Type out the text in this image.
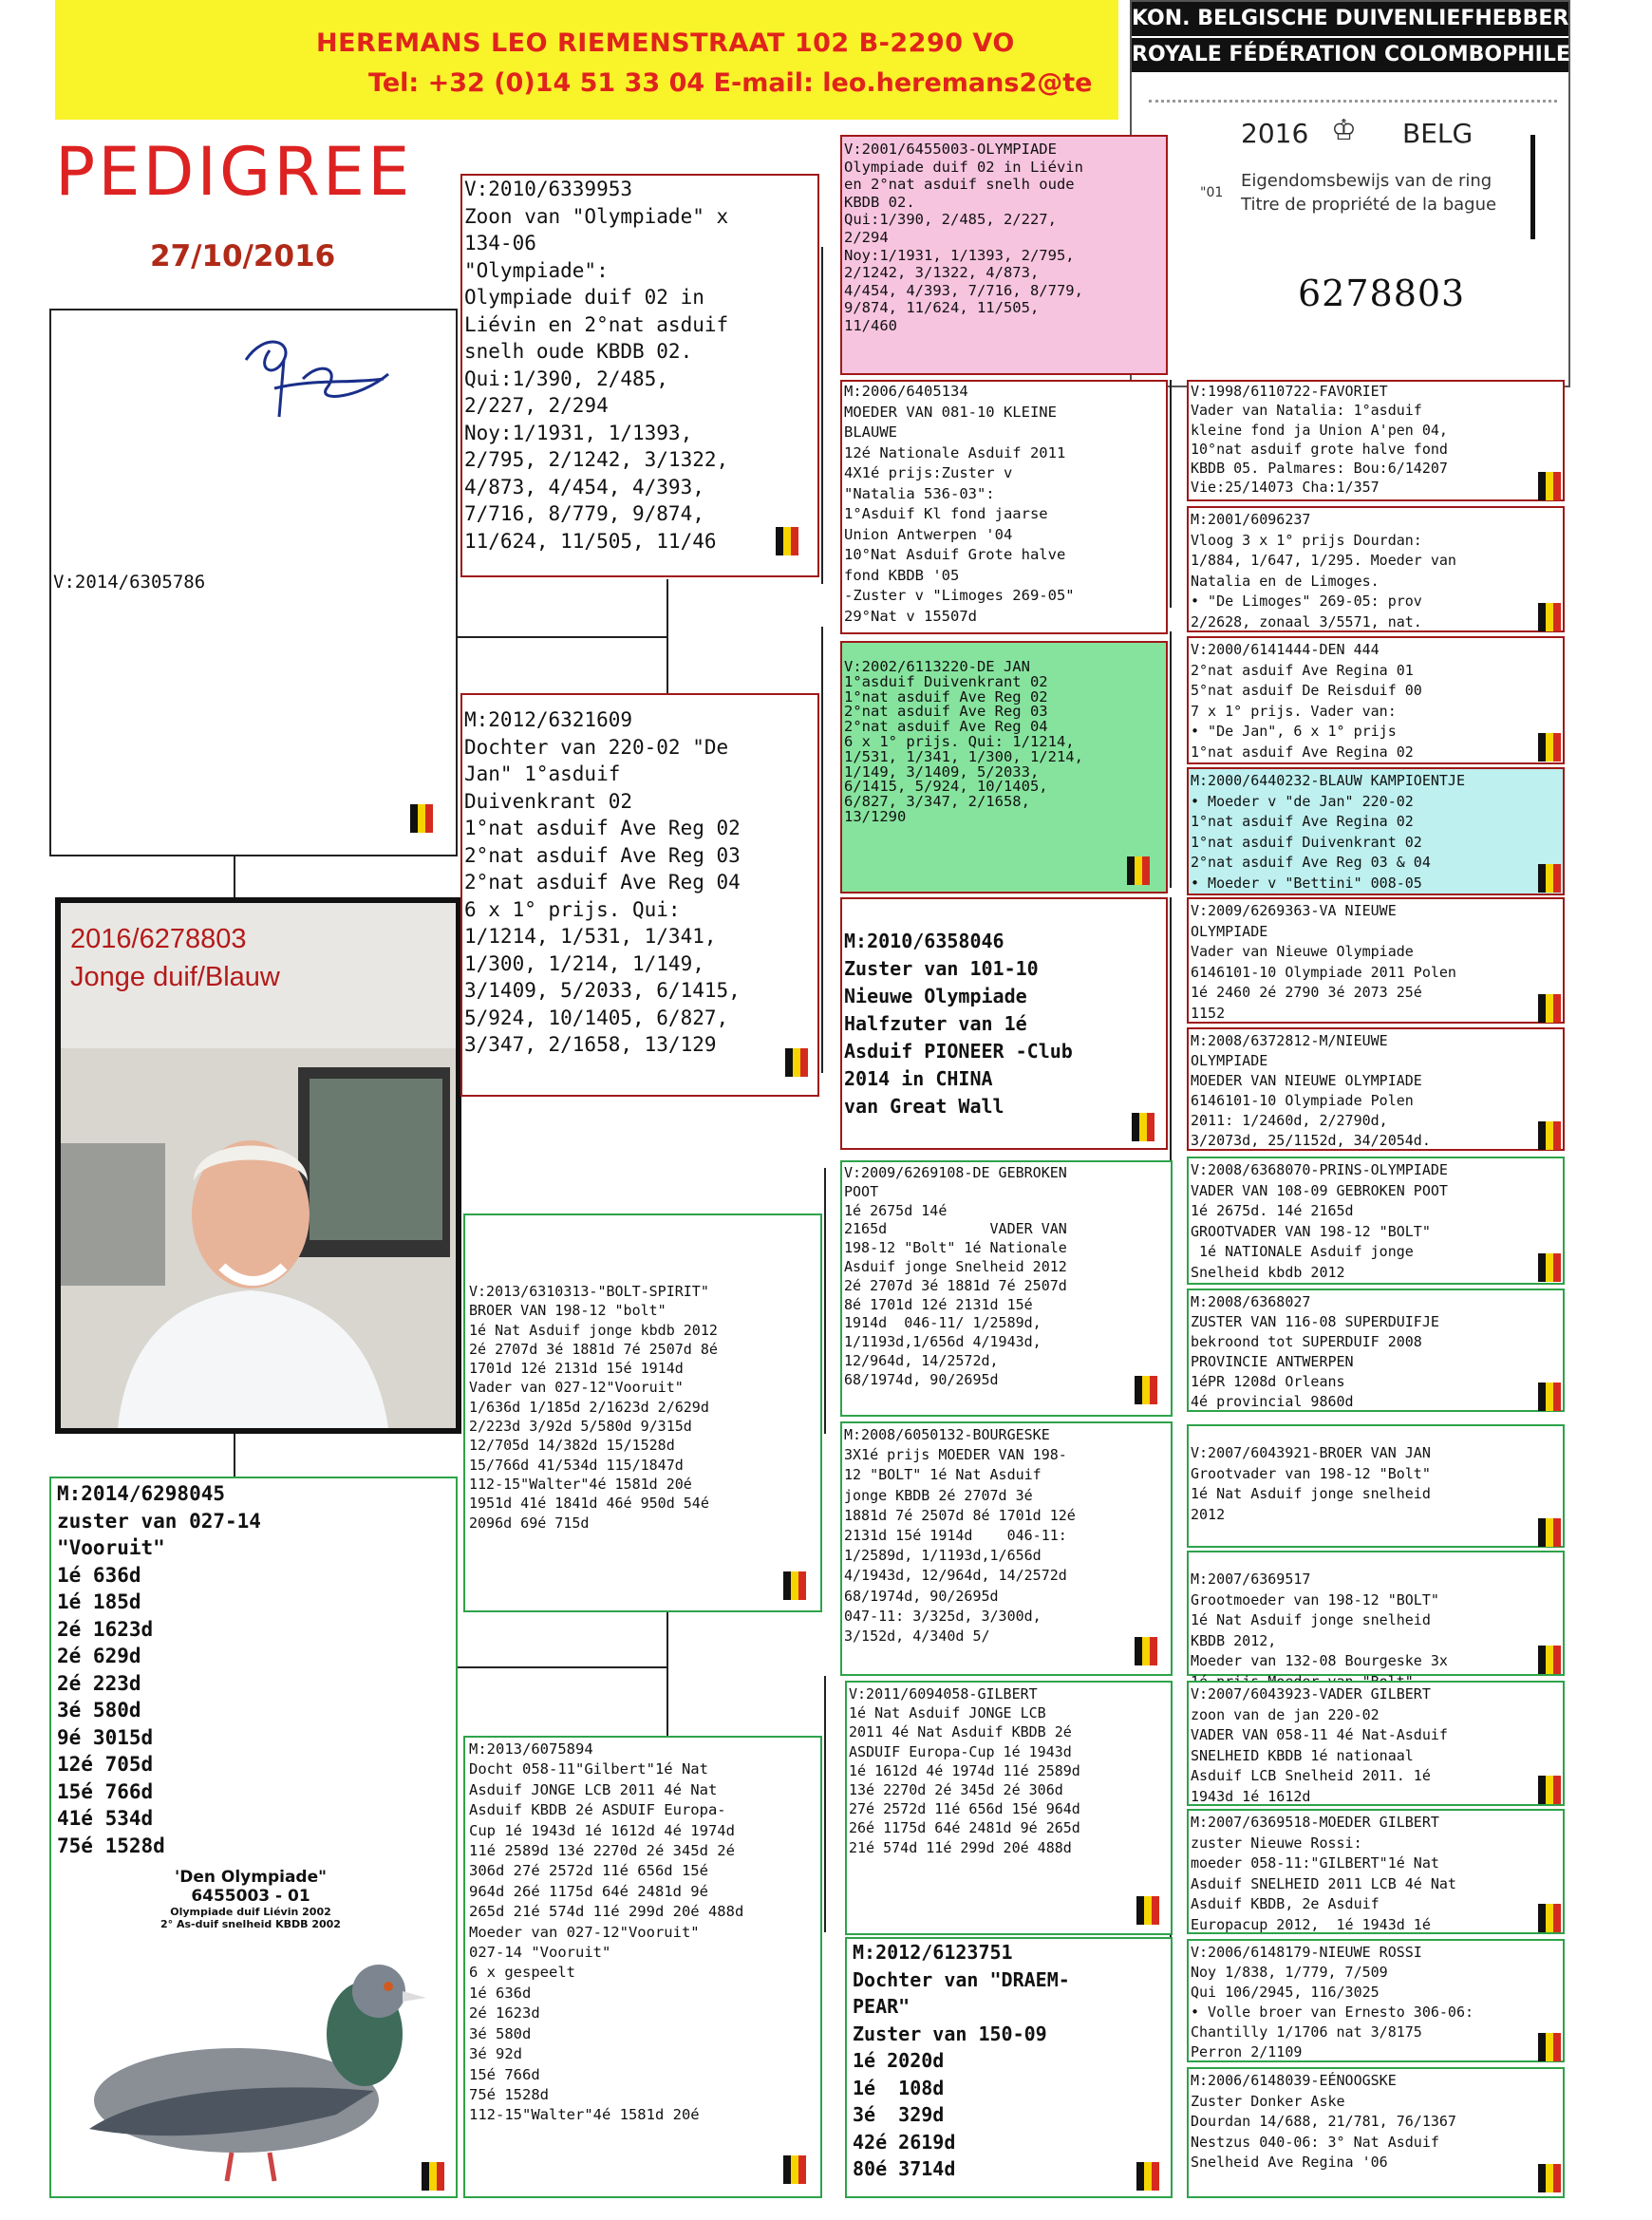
HEREMANS LEO RIEMENSTRAAT 102 B-2290 VO
Tel: +32 (0)14 51 33 04 E-mail: leo.heremans2@te
KON. BELGISCHE DUIVENLIEFHEBBERSBOND
ROYALE FÉDÉRATION COLOMBOPHILE BELGE
2016 ♔ BELG
"01
Eigendomsbewijs van de ring
Titre de propriété de la bague
6278803
PEDIGREE
27/10/2016
V:2014/6305786
2016/6278803
Jonge duif/Blauw
M:2014/6298045
zuster van 027-14
"Vooruit"
1é 636d
1é 185d
2é 1623d
2é 629d
2é 223d
3é 580d
9é 3015d
12é 705d
15é 766d
41é 534d
75é 1528d
'Den Olympiade"
6455003 - 01
Olympiade duif Liévin 2002
2° As-duif snelheid KBDB 2002
V:2010/6339953
Zoon van "Olympiade" x
134-06
"Olympiade":
Olympiade duif 02 in
Liévin en 2°nat asduif
snelh oude KBDB 02.
Qui:1/390, 2/485,
2/227, 2/294
Noy:1/1931, 1/1393,
2/795, 2/1242, 3/1322,
4/873, 4/454, 4/393,
7/716, 8/779, 9/874,
11/624, 11/505, 11/46
M:2012/6321609
Dochter van 220-02 "De
Jan" 1°asduif
Duivenkrant 02
1°nat asduif Ave Reg 02
2°nat asduif Ave Reg 03
2°nat asduif Ave Reg 04
6 x 1° prijs. Qui:
1/1214, 1/531, 1/341,
1/300, 1/214, 1/149,
3/1409, 5/2033, 6/1415,
5/924, 10/1405, 6/827,
3/347, 2/1658, 13/129
V:2013/6310313-"BOLT-SPIRIT"
BROER VAN 198-12 "bolt"
1é Nat Asduif jonge kbdb 2012
2é 2707d 3é 1881d 7é 2507d 8é
1701d 12é 2131d 15é 1914d
Vader van 027-12"Vooruit"
1/636d 1/185d 2/1623d 2/629d
2/223d 3/92d 5/580d 9/315d
12/705d 14/382d 15/1528d
15/766d 41/534d 115/1847d
112-15"Walter"4é 1581d 20é
1951d 41é 1841d 46é 950d 54é
2096d 69é 715d
M:2013/6075894
Docht 058-11"Gilbert"1é Nat
Asduif JONGE LCB 2011 4é Nat
Asduif KBDB 2é ASDUIF Europa-
Cup 1é 1943d 1é 1612d 4é 1974d
11é 2589d 13é 2270d 2é 345d 2é
306d 27é 2572d 11é 656d 15é
964d 26é 1175d 64é 2481d 9é
265d 21é 574d 11é 299d 20é 488d
Moeder van 027-12"Vooruit"
027-14 "Vooruit"
6 x gespeelt
1é 636d
2é 1623d
3é 580d
3é 92d
15é 766d
75é 1528d
112-15"Walter"4é 1581d 20é
V:2001/6455003-OLYMPIADE
Olympiade duif 02 in Liévin
en 2°nat asduif snelh oude
KBDB 02.
Qui:1/390, 2/485, 2/227,
2/294
Noy:1/1931, 1/1393, 2/795,
2/1242, 3/1322, 4/873,
4/454, 4/393, 7/716, 8/779,
9/874, 11/624, 11/505,
11/460
M:2006/6405134
MOEDER VAN 081-10 KLEINE
BLAUWE
12é Nationale Asduif 2011
4X1é prijs:Zuster v
"Natalia 536-03":
1°Asduif Kl fond jaarse
Union Antwerpen '04
10°Nat Asduif Grote halve
fond KBDB '05
-Zuster v "Limoges 269-05"
29°Nat v 15507d
V:2002/6113220-DE JAN
1°asduif Duivenkrant 02
1°nat asduif Ave Reg 02
2°nat asduif Ave Reg 03
2°nat asduif Ave Reg 04
6 x 1° prijs. Qui: 1/1214,
1/531, 1/341, 1/300, 1/214,
1/149, 3/1409, 5/2033,
6/1415, 5/924, 10/1405,
6/827, 3/347, 2/1658,
13/1290
M:2010/6358046
Zuster van 101-10
Nieuwe Olympiade
Halfzuter van 1é
Asduif PIONEER -Club
2014 in CHINA
van Great Wall
V:2009/6269108-DE GEBROKEN
POOT
1é 2675d 14é
2165d            VADER VAN
198-12 "Bolt" 1é Nationale
Asduif jonge Snelheid 2012
2é 2707d 3é 1881d 7é 2507d
8é 1701d 12é 2131d 15é
1914d  046-11/ 1/2589d,
1/1193d,1/656d 4/1943d,
12/964d, 14/2572d,
68/1974d, 90/2695d
M:2008/6050132-BOURGESKE
3X1é prijs MOEDER VAN 198-
12 "BOLT" 1é Nat Asduif
jonge KBDB 2é 2707d 3é
1881d 7é 2507d 8é 1701d 12é
2131d 15é 1914d    046-11:
1/2589d, 1/1193d,1/656d
4/1943d, 12/964d, 14/2572d
68/1974d, 90/2695d
047-11: 3/325d, 3/300d,
3/152d, 4/340d 5/
V:2011/6094058-GILBERT
1é Nat Asduif JONGE LCB
2011 4é Nat Asduif KBDB 2é
ASDUIF Europa-Cup 1é 1943d
1é 1612d 4é 1974d 11é 2589d
13é 2270d 2é 345d 2é 306d
27é 2572d 11é 656d 15é 964d
26é 1175d 64é 2481d 9é 265d
21é 574d 11é 299d 20é 488d
M:2012/6123751
Dochter van "DRAEM-
PEAR"
Zuster van 150-09
1é 2020d
1é  108d
3é  329d
42é 2619d
80é 3714d
V:1998/6110722-FAVORIET
Vader van Natalia: 1°asduif
kleine fond ja Union A'pen 04,
10°nat asduif grote halve fond
KBDB 05. Palmares: Bou:6/14207
Vie:25/14073 Cha:1/357
M:2001/6096237
Vloog 3 x 1° prijs Dourdan:
1/884, 1/647, 1/295. Moeder van
Natalia en de Limoges.
• "De Limoges" 269-05: prov
2/2628, zonaal 3/5571, nat.
V:2000/6141444-DEN 444
2°nat asduif Ave Regina 01
5°nat asduif De Reisduif 00
7 x 1° prijs. Vader van:
• "De Jan", 6 x 1° prijs
1°nat asduif Ave Regina 02
M:2000/6440232-BLAUW KAMPIOENTJE
• Moeder v "de Jan" 220-02
1°nat asduif Ave Regina 02
1°nat asduif Duivenkrant 02
2°nat asduif Ave Reg 03 & 04
• Moeder v "Bettini" 008-05
V:2009/6269363-VA NIEUWE
OLYMPIADE
Vader van Nieuwe Olympiade
6146101-10 Olympiade 2011 Polen
1é 2460 2é 2790 3é 2073 25é
1152
M:2008/6372812-M/NIEUWE
OLYMPIADE
MOEDER VAN NIEUWE OLYMPIADE
6146101-10 Olympiade Polen
2011: 1/2460d, 2/2790d,
3/2073d, 25/1152d, 34/2054d.
V:2008/6368070-PRINS-OLYMPIADE
VADER VAN 108-09 GEBROKEN POOT
1é 2675d. 14é 2165d
GROOTVADER VAN 198-12 "BOLT"
1é NATIONALE Asduif jonge
Snelheid kbdb 2012
M:2008/6368027
ZUSTER VAN 116-08 SUPERDUIFJE
bekroond tot SUPERDUIF 2008
PROVINCIE ANTWERPEN
1éPR 1208d Orleans
4é provincial 9860d
V:2007/6043921-BROER VAN JAN
Grootvader van 198-12 "Bolt"
1é Nat Asduif jonge snelheid
2012
M:2007/6369517
Grootmoeder van 198-12 "BOLT"
1é Nat Asduif jonge snelheid
KBDB 2012,
Moeder van 132-08 Bourgeske 3x

V:2007/6043923-VADER GILBERT
zoon van de jan 220-02
VADER VAN 058-11 4é Nat-Asduif
SNELHEID KBDB 1é nationaal
Asduif LCB Snelheid 2011. 1é
1943d 1é 1612d
M:2007/6369518-MOEDER GILBERT
zuster Nieuwe Rossi:
moeder 058-11:"GILBERT"1é Nat
Asduif SNELHEID 2011 LCB 4é Nat
Asduif KBDB, 2e Asduif
Europacup 2012,  1é 1943d 1é
V:2006/6148179-NIEUWE ROSSI
Noy 1/838, 1/779, 7/509
Qui 106/2945, 116/3025
• Volle broer van Ernesto 306-06:
Chantilly 1/1706 nat 3/8175
Perron 2/1109
M:2006/6148039-EÉNOOGSKE
Zuster Donker Aske
Dourdan 14/688, 21/781, 76/1367
Nestzus 040-06: 3° Nat Asduif
Snelheid Ave Regina '06
